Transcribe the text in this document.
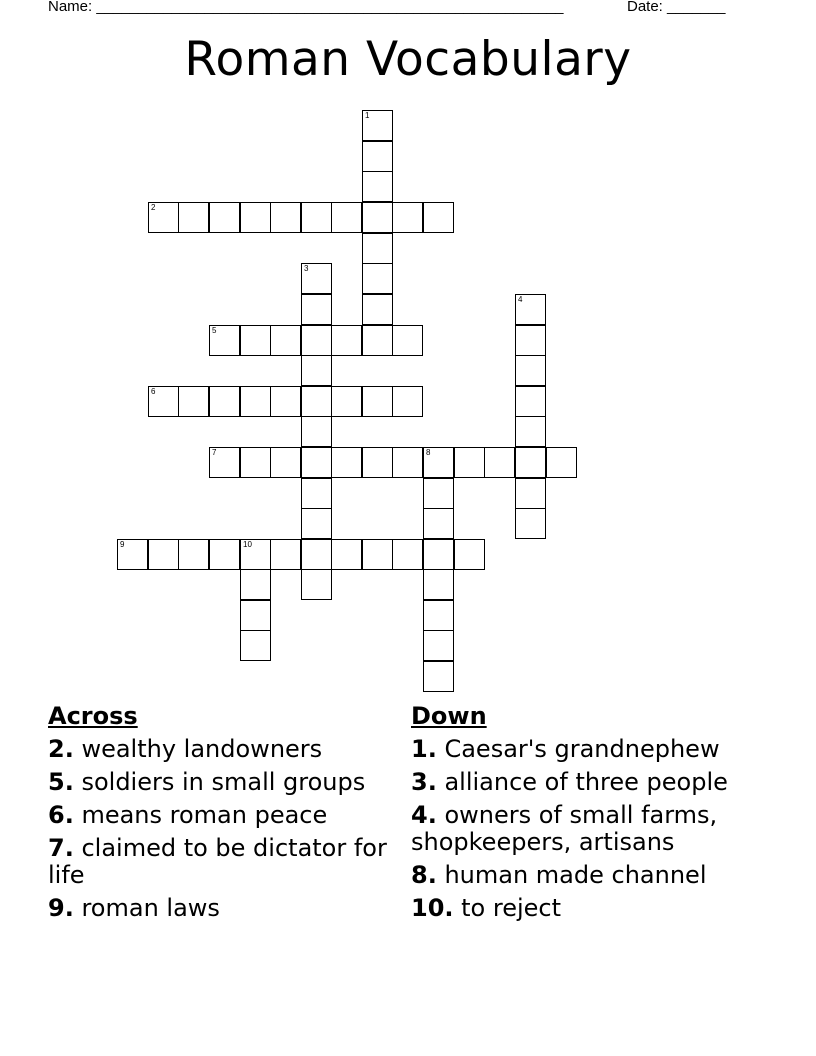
Name: ________________________________________________________	Date: _______
Roman Vocabulary
1
2
3
4
5
6
7	8
9	10
Across
2. wealthy landowners
5. soldiers in small groups
6. means roman peace
7. claimed to be dictator for life
9. roman laws
Down
1. Caesar's grandnephew
3. alliance of three people
4. owners of small farms, shopkeepers, artisans
8. human made channel
10. to reject
